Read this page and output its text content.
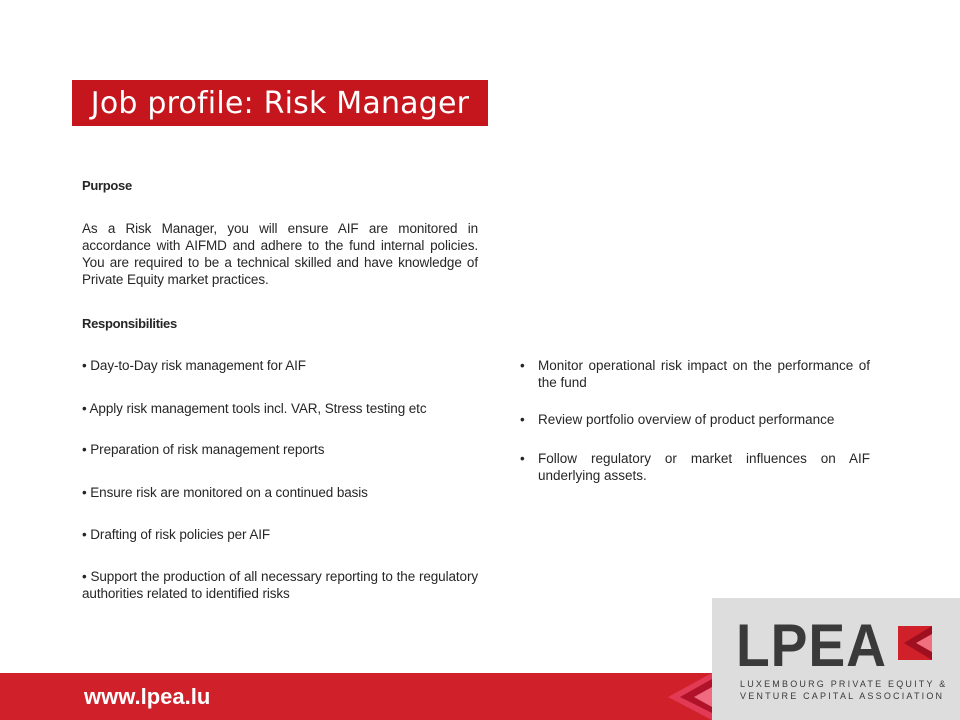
Job profile: Risk Manager
Purpose
As a Risk Manager, you will ensure AIF are monitored in accordance with AIFMD and adhere to the fund internal policies. You are required to be a technical skilled and have knowledge of Private Equity market practices.
Responsibilities
• Day-to-Day risk management for AIF
• Apply risk management tools incl. VAR, Stress testing etc
• Preparation of risk management reports
• Ensure risk are monitored on a continued basis
• Drafting of risk policies per AIF
• Support the production of all necessary reporting to the regulatory authorities related to identified risks
• Monitor operational risk impact on the performance of the fund
• Review portfolio overview of product performance
• Follow regulatory or market influences on AIF underlying assets.
www.lpea.lu
LPEA
LUXEMBOURG PRIVATE EQUITY &
VENTURE CAPITAL ASSOCIATION
